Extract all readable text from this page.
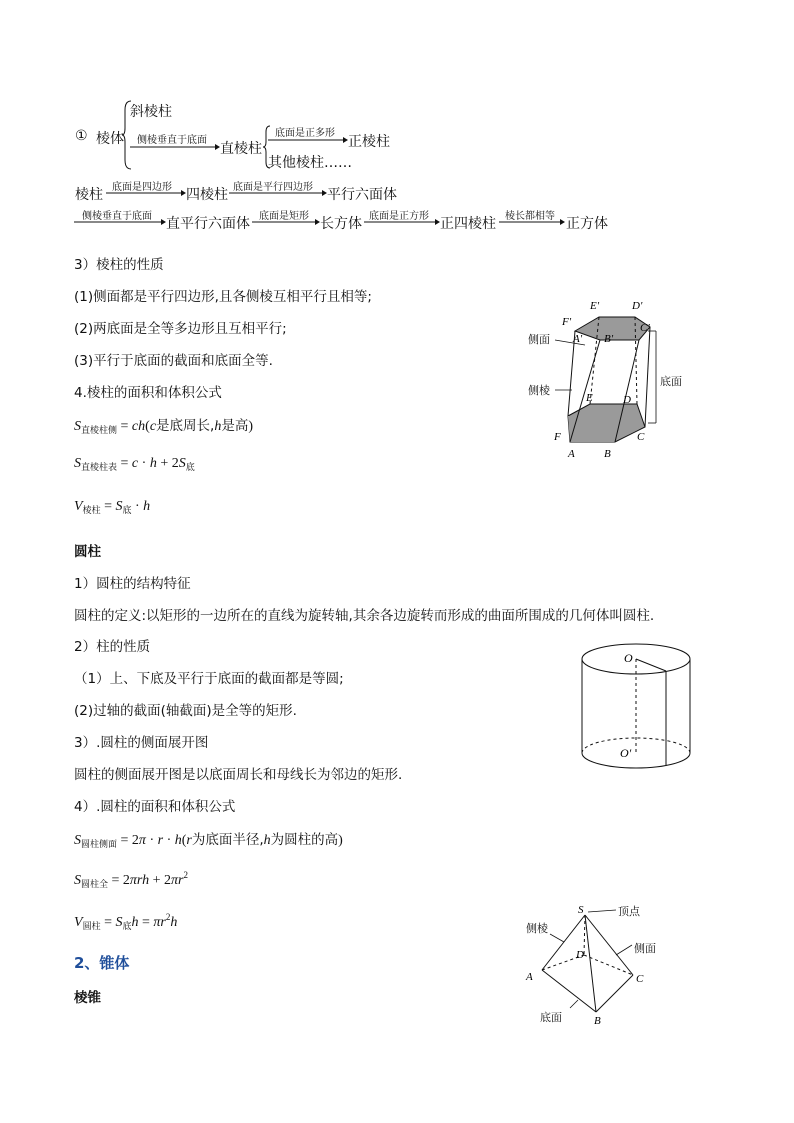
① 棱体
斜棱柱
侧棱垂直于底面
直棱柱
底面是正多形
正棱柱
其他棱柱……
棱柱 底面是四边形 四棱柱 底面是平行四边形 平行六面体
侧棱垂直于底面 直平行六面体 底面是矩形 长方体 底面是正方形 正四棱柱 棱长都相等 正方体
3）棱柱的性质
(1)侧面都是平行四边形,且各侧棱互相平行且相等;
(2)两底面是全等多边形且互相平行;
(3)平行于底面的截面和底面全等.
4.棱柱的面积和体积公式
$S_{直棱柱侧} = ch(c$是底周长,h是高)
$S_{直棱柱表} = c \cdot h + 2S_底$
$V_{棱柱} = S_底 \cdot h$
E'	D'
F'	C'
A' B'
E	D
F	C
A	B
侧面
侧棱
底面
圆柱
1）圆柱的结构特征
圆柱的定义:以矩形的一边所在的直线为旋转轴,其余各边旋转而形成的曲面所围成的几何体叫圆柱.
2）柱的性质
（1）上、下底及平行于底面的截面都是等圆;
(2)过轴的截面(轴截面)是全等的矩形.
3）.圆柱的侧面展开图
圆柱的侧面展开图是以底面周长和母线长为邻边的矩形.
4）.圆柱的面积和体积公式
$S_{圆柱侧面} = 2\pi \cdot r \cdot h(r$为底面半径,h为圆柱的高)
$S_{圆柱全} = 2\pi rh + 2\pi r^2$
$V_{圆柱} = S_底h = \pi r^2h$
O
O'
2、锥体
棱锥
S
D
A	C
B
侧棱
顶点
侧面
底面
